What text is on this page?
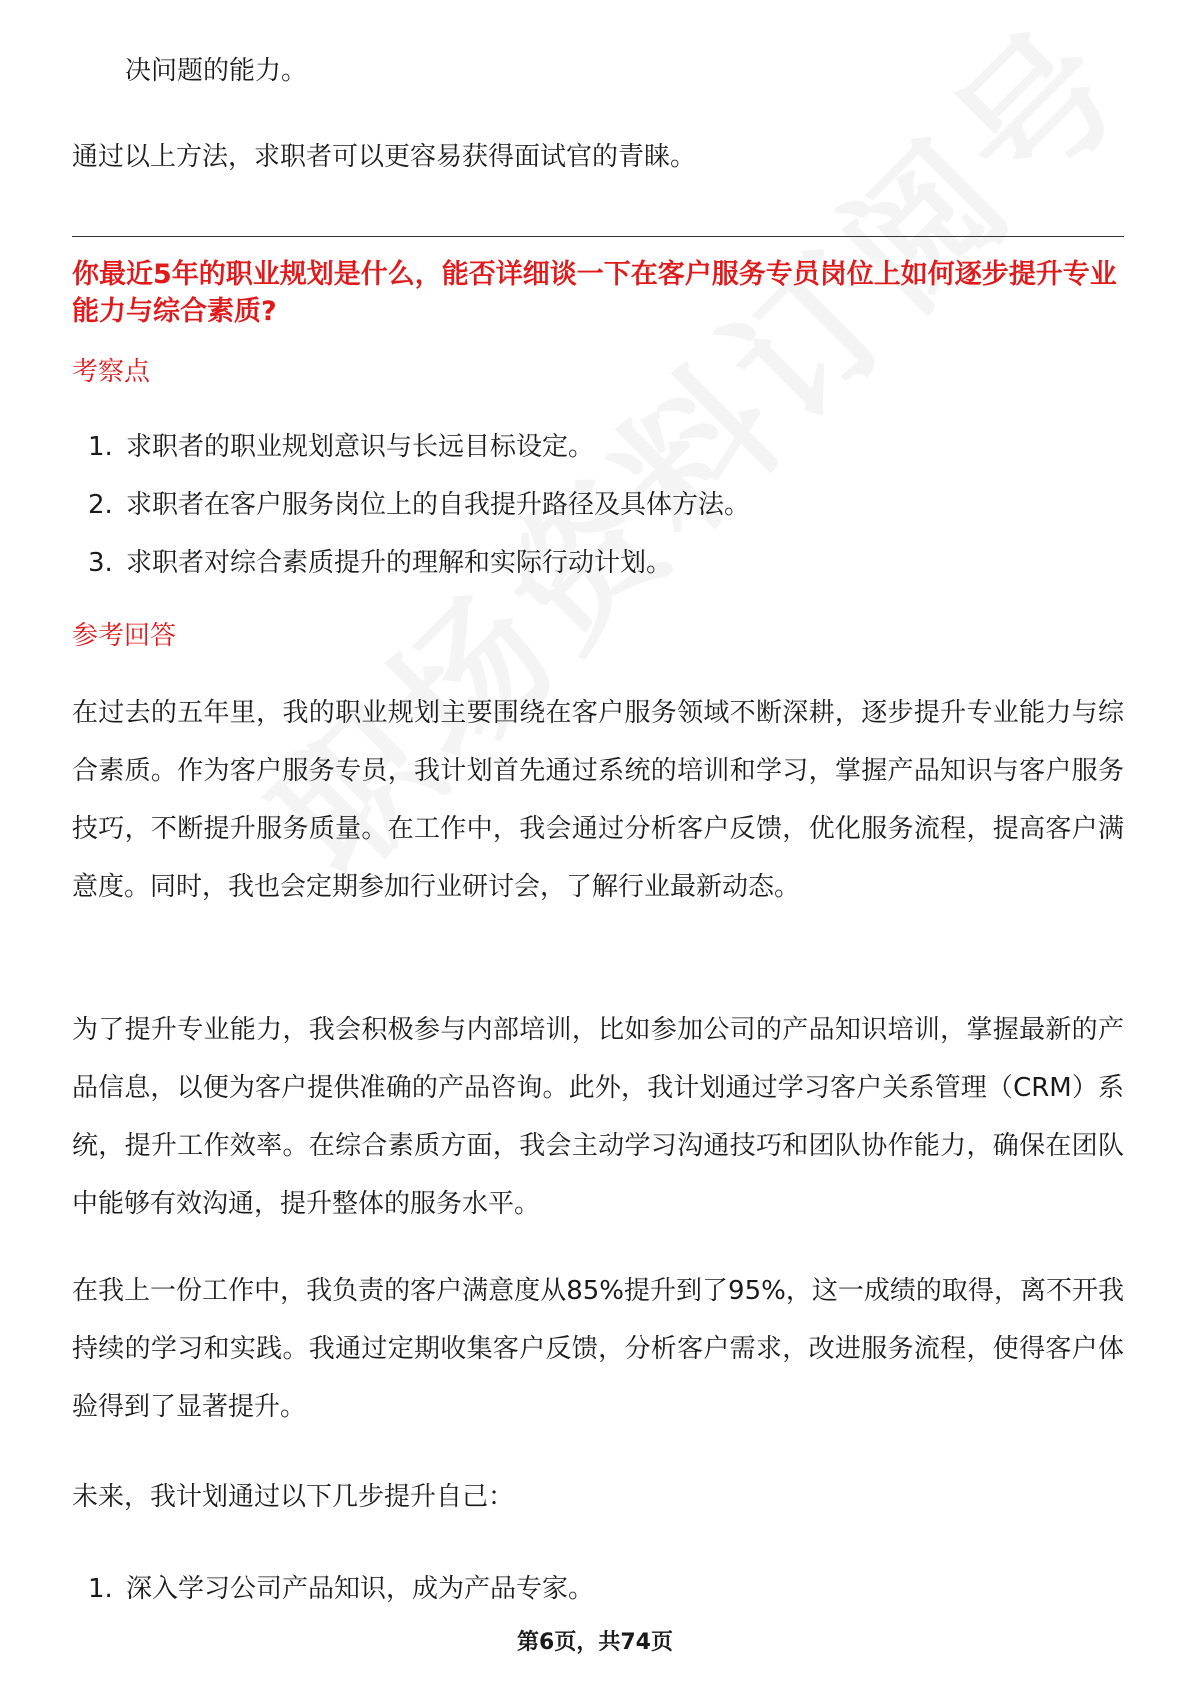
决问题的能力。
通过以上方法，求职者可以更容易获得面试官的青睐。
你最近5年的职业规划是什么，能否详细谈一下在客户服务专员岗位上如何逐步提升专业能力与综合素质?
考察点
1. 求职者的职业规划意识与长远目标设定。
2. 求职者在客户服务岗位上的自我提升路径及具体方法。
3. 求职者对综合素质提升的理解和实际行动计划。
参考回答
在过去的五年里，我的职业规划主要围绕在客户服务领域不断深耕，逐步提升专业能力与综合素质。作为客户服务专员，我计划首先通过系统的培训和学习，掌握产品知识与客户服务技巧，不断提升服务质量。在工作中，我会通过分析客户反馈，优化服务流程，提高客户满意度。同时，我也会定期参加行业研讨会，了解行业最新动态。
为了提升专业能力，我会积极参与内部培训，比如参加公司的产品知识培训，掌握最新的产品信息，以便为客户提供准确的产品咨询。此外，我计划通过学习客户关系管理（CRM）系统，提升工作效率。在综合素质方面，我会主动学习沟通技巧和团队协作能力，确保在团队中能够有效沟通，提升整体的服务水平。
在我上一份工作中，我负责的客户满意度从85%提升到了95%，这一成绩的取得，离不开我持续的学习和实践。我通过定期收集客户反馈，分析客户需求，改进服务流程，使得客户体验得到了显著提升。
未来，我计划通过以下几步提升自己：
1. 深入学习公司产品知识，成为产品专家。
第6页，共74页
